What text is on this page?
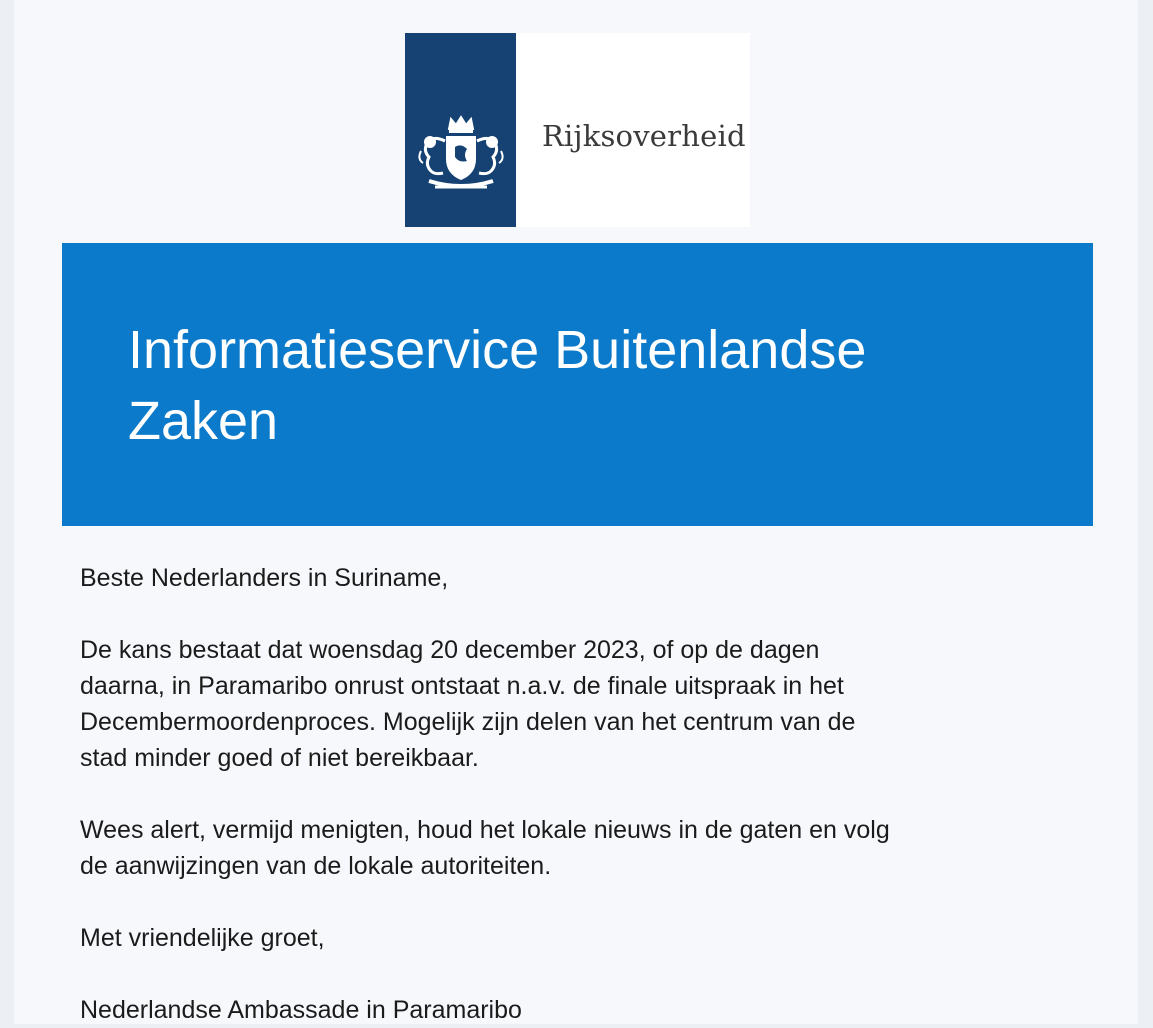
Rijksoverheid
Informatieservice Buitenlandse
Zaken

Beste Nederlanders in Suriname,

De kans bestaat dat woensdag 20 december 2023, of op de dagen
daarna, in Paramaribo onrust ontstaat n.a.v. de finale uitspraak in het
Decembermoordenproces. Mogelijk zijn delen van het centrum van de
stad minder goed of niet bereikbaar.

Wees alert, vermijd menigten, houd het lokale nieuws in de gaten en volg
de aanwijzingen van de lokale autoriteiten.

Met vriendelijke groet,

Nederlandse Ambassade in Paramaribo
